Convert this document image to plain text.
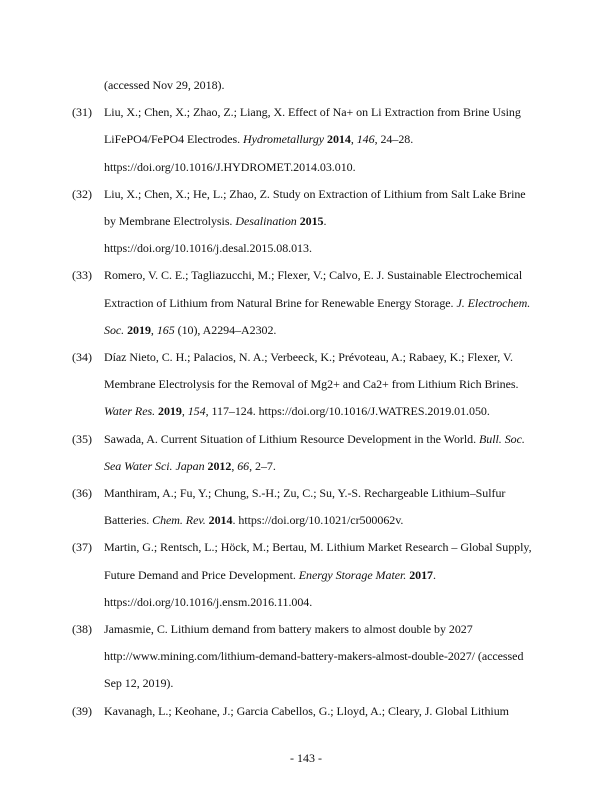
(accessed Nov 29, 2018).
(31) Liu, X.; Chen, X.; Zhao, Z.; Liang, X. Effect of Na+ on Li Extraction from Brine Using
LiFePO4/FePO4 Electrodes. Hydrometallurgy 2014, 146, 24–28.
https://doi.org/10.1016/J.HYDROMET.2014.03.010.
(32) Liu, X.; Chen, X.; He, L.; Zhao, Z. Study on Extraction of Lithium from Salt Lake Brine
by Membrane Electrolysis. Desalination 2015.
https://doi.org/10.1016/j.desal.2015.08.013.
(33) Romero, V. C. E.; Tagliazucchi, M.; Flexer, V.; Calvo, E. J. Sustainable Electrochemical
Extraction of Lithium from Natural Brine for Renewable Energy Storage. J. Electrochem.
Soc. 2019, 165 (10), A2294–A2302.
(34) Díaz Nieto, C. H.; Palacios, N. A.; Verbeeck, K.; Prévoteau, A.; Rabaey, K.; Flexer, V.
Membrane Electrolysis for the Removal of Mg2+ and Ca2+ from Lithium Rich Brines.
Water Res. 2019, 154, 117–124. https://doi.org/10.1016/J.WATRES.2019.01.050.
(35) Sawada, A. Current Situation of Lithium Resource Development in the World. Bull. Soc.
Sea Water Sci. Japan 2012, 66, 2–7.
(36) Manthiram, A.; Fu, Y.; Chung, S.-H.; Zu, C.; Su, Y.-S. Rechargeable Lithium–Sulfur
Batteries. Chem. Rev. 2014. https://doi.org/10.1021/cr500062v.
(37) Martin, G.; Rentsch, L.; Höck, M.; Bertau, M. Lithium Market Research – Global Supply,
Future Demand and Price Development. Energy Storage Mater. 2017.
https://doi.org/10.1016/j.ensm.2016.11.004.
(38) Jamasmie, C. Lithium demand from battery makers to almost double by 2027
http://www.mining.com/lithium-demand-battery-makers-almost-double-2027/ (accessed
Sep 12, 2019).
(39) Kavanagh, L.; Keohane, J.; Garcia Cabellos, G.; Lloyd, A.; Cleary, J. Global Lithium
- 143 -
